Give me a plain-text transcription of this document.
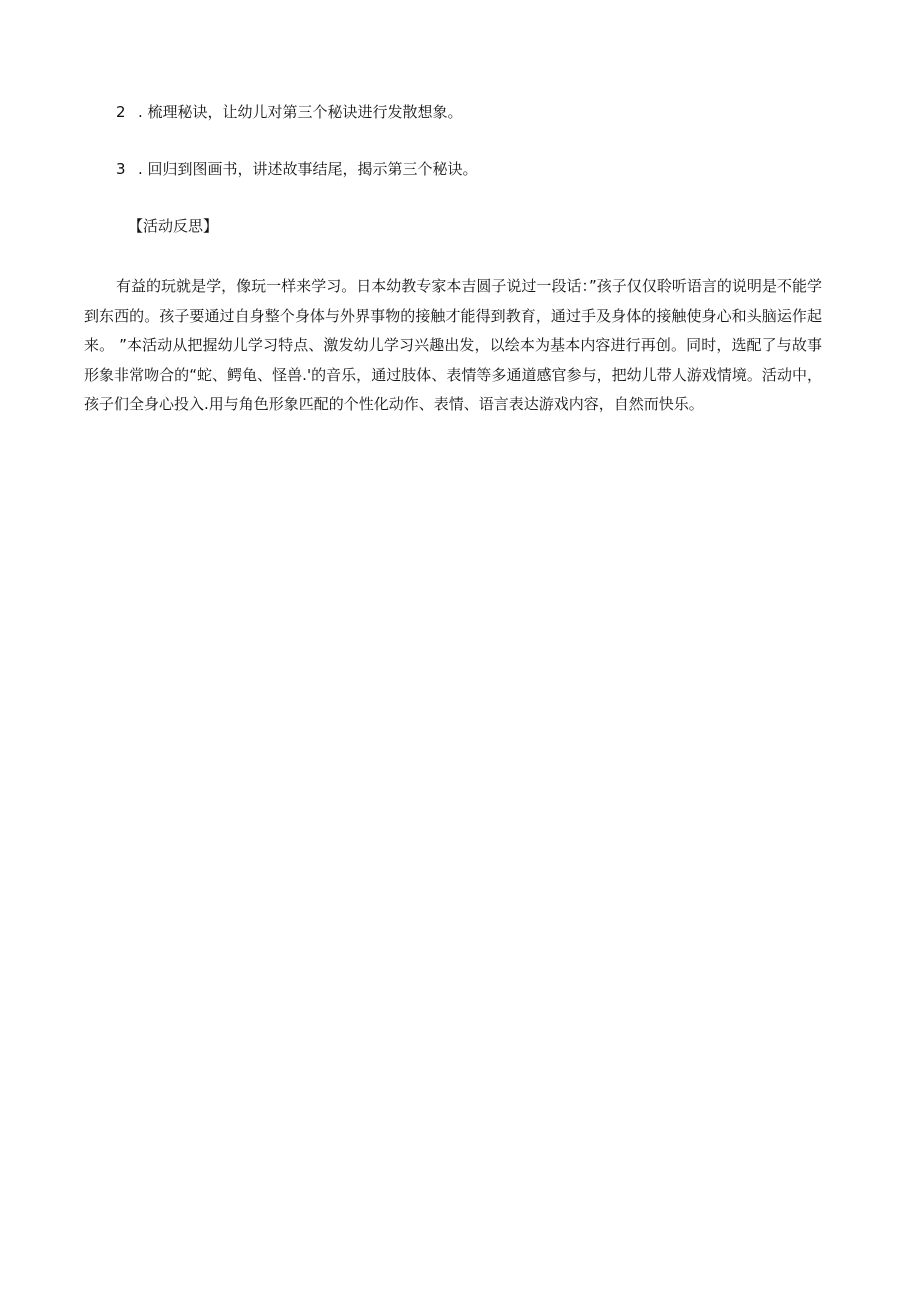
2 . 梳理秘诀，让幼儿对第三个秘诀进行发散想象。
3 . 回归到图画书，讲述故事结尾，揭示第三个秘诀。
【活动反思】

有益的玩就是学，像玩一样来学习。日本幼教专家本吉圆子说过一段话：”孩子仅仅聆听语言的说明是不能学到东西的。孩子要通过自身整个身体与外界事物的接触才能得到教育，通过手及身体的接触使身心和头脑运作起来。 ”本活动从把握幼儿学习特点、激发幼儿学习兴趣出发，以绘本为基本内容进行再创。同时，选配了与故事形象非常吻合的“蛇、鳄龟、怪兽.'的音乐，通过肢体、表情等多通道感官参与，把幼儿带人游戏情境。活动中，孩子们全身心投入.用与角色形象匹配的个性化动作、表情、语言表达游戏内容，自然而快乐。
